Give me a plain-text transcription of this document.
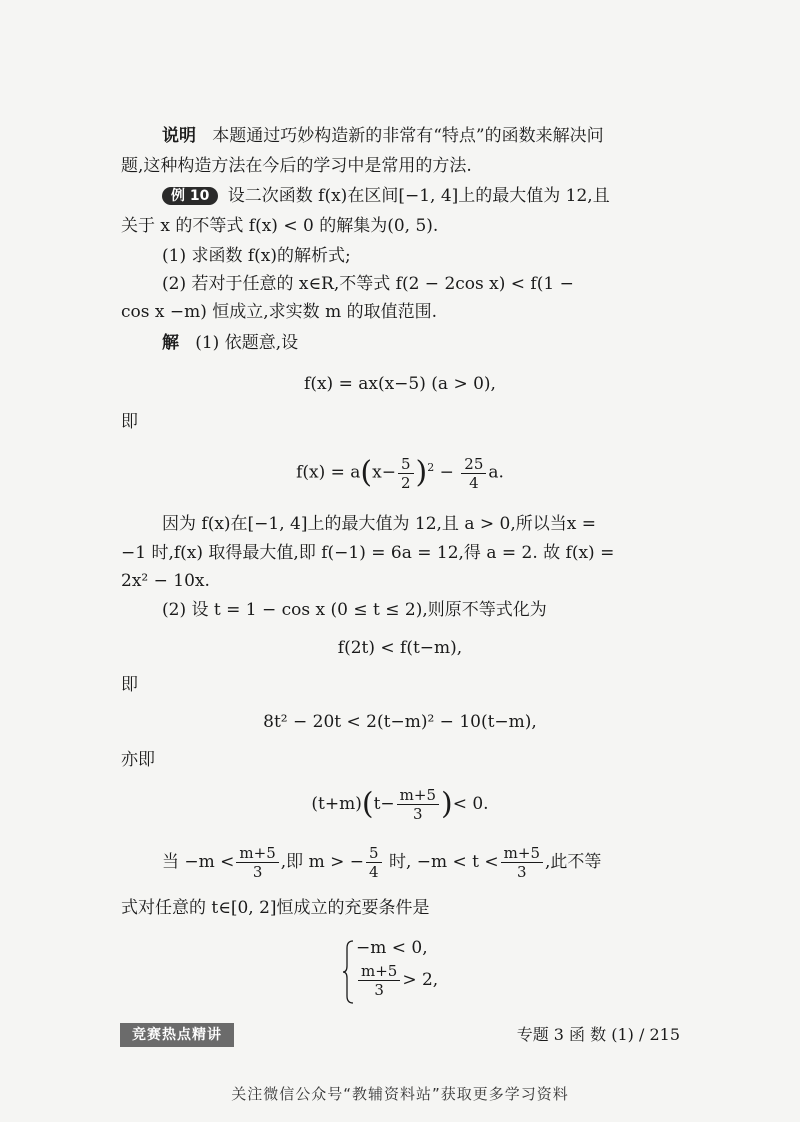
说明 本题通过巧妙构造新的非常有“特点”的函数来解决问
题,这种构造方法在今后的学习中是常用的方法.
例 10 设二次函数 f(x)在区间[−1, 4]上的最大值为 12,且
关于 x 的不等式 f(x) < 0 的解集为(0, 5).
(1) 求函数 f(x)的解析式;
(2) 若对于任意的 x∈R,不等式 f(2 − 2cos x) < f(1 −
cos x −m) 恒成立,求实数 m 的取值范围.
解 (1) 依题意,设
f(x) = ax(x−5) (a > 0),
即
$f(x) = a(x- \frac{5}{2} )^2 - \frac{25}{4} a$.
因为 f(x)在[−1, 4]上的最大值为 12,且 a > 0,所以当x =
−1 时,f(x) 取得最大值,即 f(−1) = 6a = 12,得 a = 2. 故 f(x) =
2x² − 10x.
(2) 设 t = 1 − cos x (0 ≤ t ≤ 2),则原不等式化为
f(2t) < f(t−m),
即
8t² − 20t < 2(t−m)² − 10(t−m),
亦即
$(t+m)(t- \frac{m+5}{3}$ )< 0.
当 $-m < \frac{m+5}{3}$ ,即 m > − $\frac{5}{4}$ 时, $-m < t < \frac{m+5}{3}$ ,此不等
式对任意的 t∈[0, 2]恒成立的充要条件是
−m < 0,
$\frac{m+5}{3} > 2$,
竞赛热点精讲	专题 3 函 数 (1) / 215
关注微信公众号“教辅资料站”获取更多学习资料
